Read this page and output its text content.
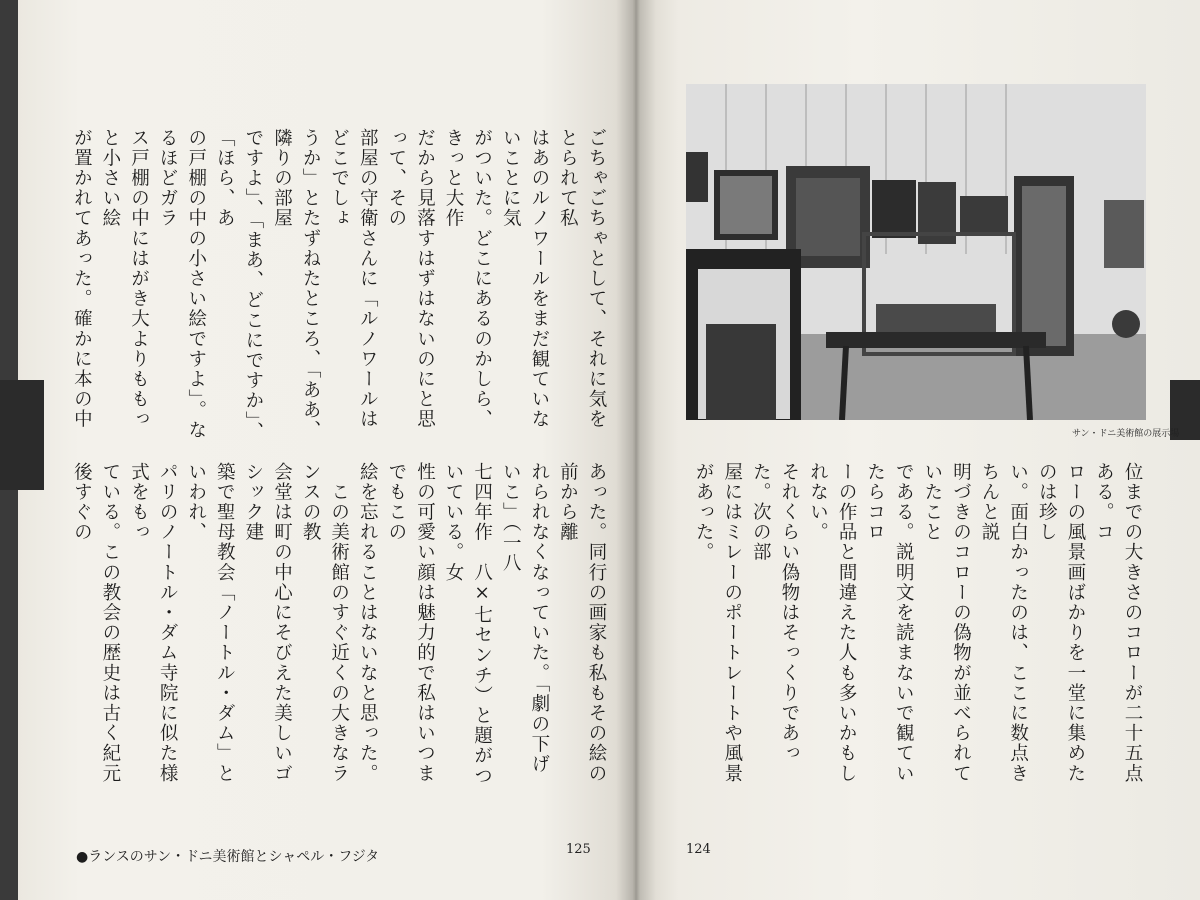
ごちゃごちゃとして、それに気をとられて私
はあのルノワールをまだ観ていないことに気
がついた。どこにあるのかしら、きっと大作
だから見落すはずはないのにと思って、その
部屋の守衛さんに「ルノワールはどこでしょ
うか」とたずねたところ、「ああ、隣りの部屋
ですよ」、「まあ、どこにですか」、「ほら、あ
の戸棚の中の小さい絵ですよ」。なるほどガラ
ス戸棚の中にはがき大よりももっと小さい絵
が置かれてあった。確かに本の中

あった。同行の画家も私もその絵の前から離
れられなくなっていた。「劇の下げいこ」（一八
七四年作　八×七センチ）と題がついている。女
性の可愛い顔は魅力的で私はいつまでもこの
絵を忘れることはないなと思った。
　この美術館のすぐ近くの大きなランスの教
会堂は町の中心にそびえた美しいゴシック建
築で聖母教会「ノートル・ダム」といわれ、
パリのノートル・ダム寺院に似た様式をもっ
ている。この教会の歴史は古く紀元後すぐの

125
●ランスのサン・ドニ美術館とシャペル・フジタ
サン・ドニ美術館の展示場
位までの大きさのコローが二十五点ある。コ
ローの風景画ばかりを一堂に集めたのは珍し
い。面白かったのは、ここに数点きちんと説
明づきのコローの偽物が並べられていたこと
である。説明文を読まないで観ていたらコロ
ーの作品と間違えた人も多いかもしれない。
それくらい偽物はそっくりであった。次の部
屋にはミレーのポートレートや風景があった。

124
